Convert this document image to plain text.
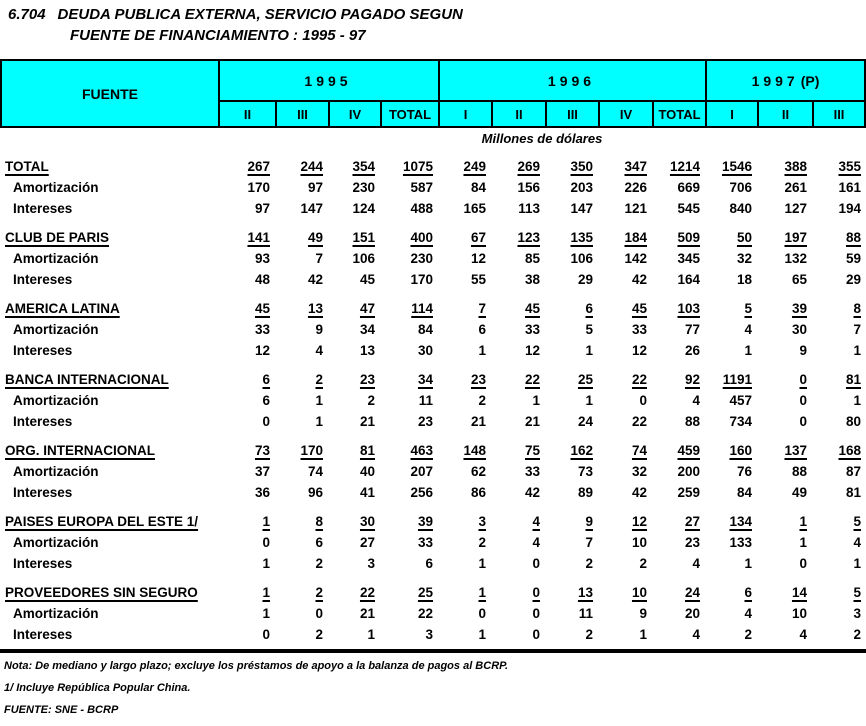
6.704 DEUDA PUBLICA EXTERNA, SERVICIO PAGADO SEGUN
FUENTE DE FINANCIAMIENTO : 1995 - 97
FUENTE
1995	1996	1997 (P)
II	III	IV	TOTAL	I	II	III	IV	TOTAL	I	II	III
Millones de dólares
TOTAL	267	244	354	1075	249	269	350	347	1214	1546	388	355
Amortización	170	97	230	587	84	156	203	226	669	706	261	161
Intereses	97	147	124	488	165	113	147	121	545	840	127	194
CLUB DE PARIS	141	49	151	400	67	123	135	184	509	50	197	88
Amortización	93	7	106	230	12	85	106	142	345	32	132	59
Intereses	48	42	45	170	55	38	29	42	164	18	65	29
AMERICA LATINA	45	13	47	114	7	45	6	45	103	5	39	8
Amortización	33	9	34	84	6	33	5	33	77	4	30	7
Intereses	12	4	13	30	1	12	1	12	26	1	9	1
BANCA INTERNACIONAL	6	2	23	34	23	22	25	22	92	1191	0	81
Amortización	6	1	2	11	2	1	1	0	4	457	0	1
Intereses	0	1	21	23	21	21	24	22	88	734	0	80
ORG. INTERNACIONAL	73	170	81	463	148	75	162	74	459	160	137	168
Amortización	37	74	40	207	62	33	73	32	200	76	88	87
Intereses	36	96	41	256	86	42	89	42	259	84	49	81
PAISES EUROPA DEL ESTE 1/	1	8	30	39	3	4	9	12	27	134	1	5
Amortización	0	6	27	33	2	4	7	10	23	133	1	4
Intereses	1	2	3	6	1	0	2	2	4	1	0	1
PROVEEDORES SIN SEGURO	1	2	22	25	1	0	13	10	24	6	14	5
Amortización	1	0	21	22	0	0	11	9	20	4	10	3
Intereses	0	2	1	3	1	0	2	1	4	2	4	2
Nota: De mediano y largo plazo; excluye los préstamos de apoyo a la balanza de pagos al BCRP.
1/ Incluye República Popular China.
FUENTE: SNE - BCRP
